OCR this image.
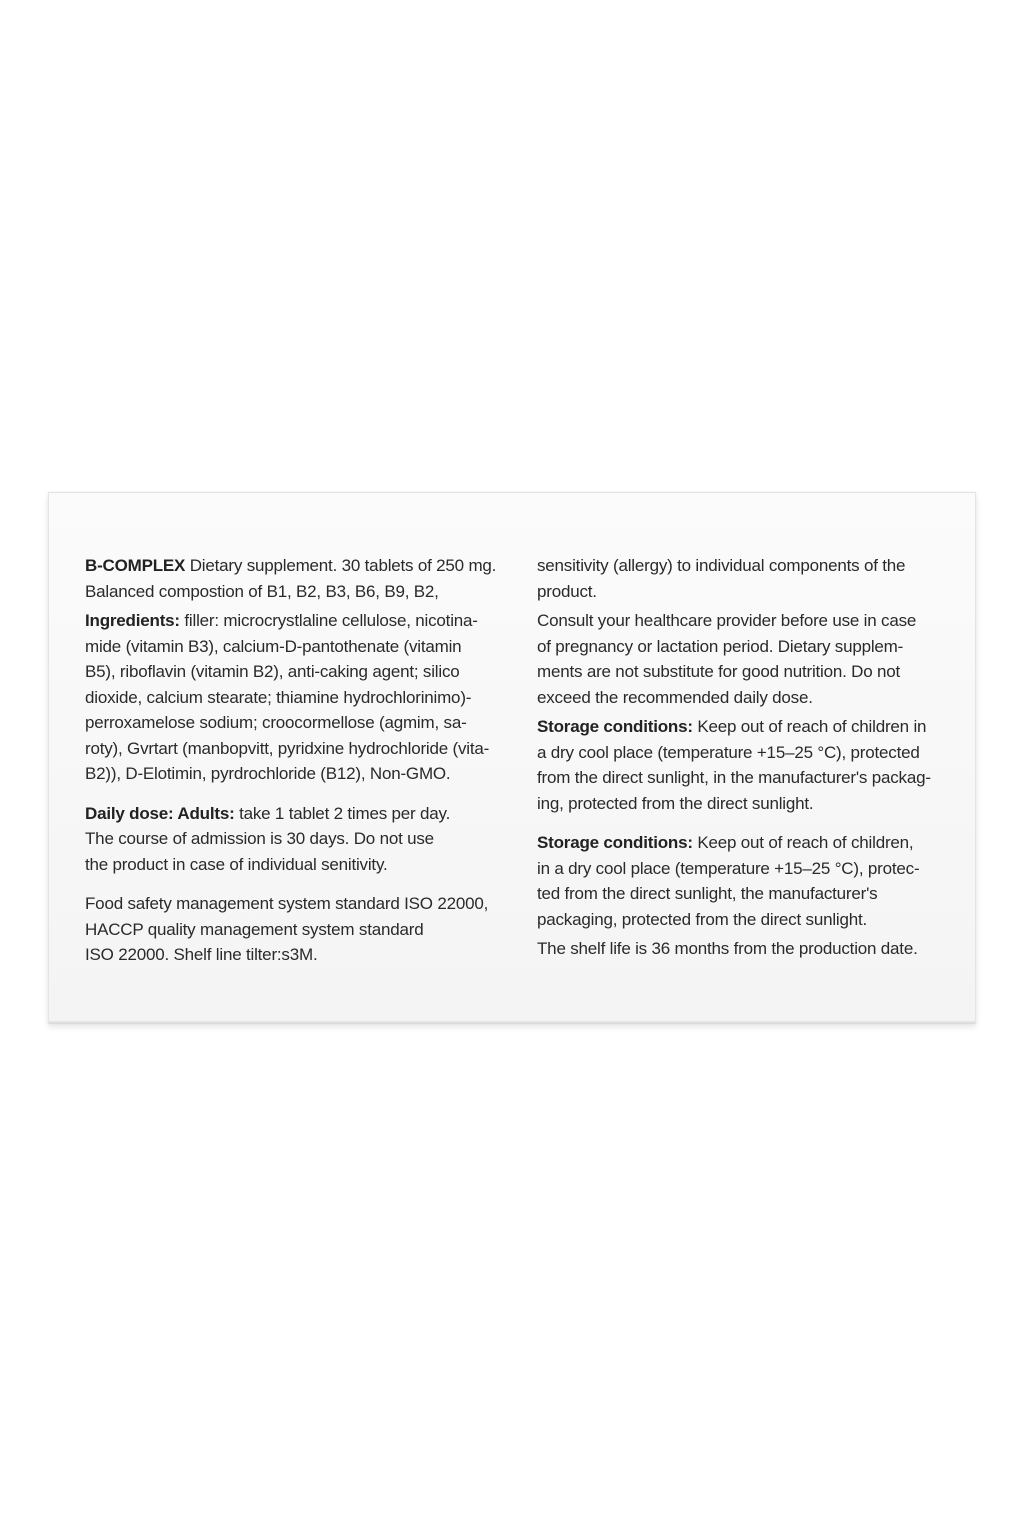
B-COMPLEX Dietary supplement. 30 tablets of 250 mg.
Balanced compostion of B1, B2, B3, B6, B9, B2,

Ingredients: filler: microcrystlaline cellulose, nicotina-
mide (vitamin B3), calcium-D-pantothenate (vitamin
B5), riboflavin (vitamin B2), anti-caking agent; silico
dioxide, calcium stearate; thiamine hydrochlorinimo)-
perroxamelose sodium; croocormellose (agmim, sa-
roty), Gvrtart (manbopvitt, pyridxine hydrochloride (vita-
B2)), D-Elotimin, pyrdrochloride (B12), Non-GMO.

Daily dose: Adults: take 1 tablet 2 times per day.
The course of admission is 30 days. Do not use
the product in case of individual senitivity.

Food safety management system standard ISO 22000,
HACCP quality management system standard
ISO 22000. Shelf line tilter:s3M.

sensitivity (allergy) to individual components of the
product.

Consult your healthcare provider before use in case
of pregnancy or lactation period. Dietary supplem-
ments are not substitute for good nutrition. Do not
exceed the recommended daily dose.

Storage conditions: Keep out of reach of children in
a dry cool place (temperature +15–25 °C), protected
from the direct sunlight, in the manufacturer's packag-
ing, protected from the direct sunlight.

Storage conditions: Keep out of reach of children,
in a dry cool place (temperature +15–25 °C), protec-
ted from the direct sunlight, the manufacturer's
packaging, protected from the direct sunlight.

The shelf life is 36 months from the production date.
